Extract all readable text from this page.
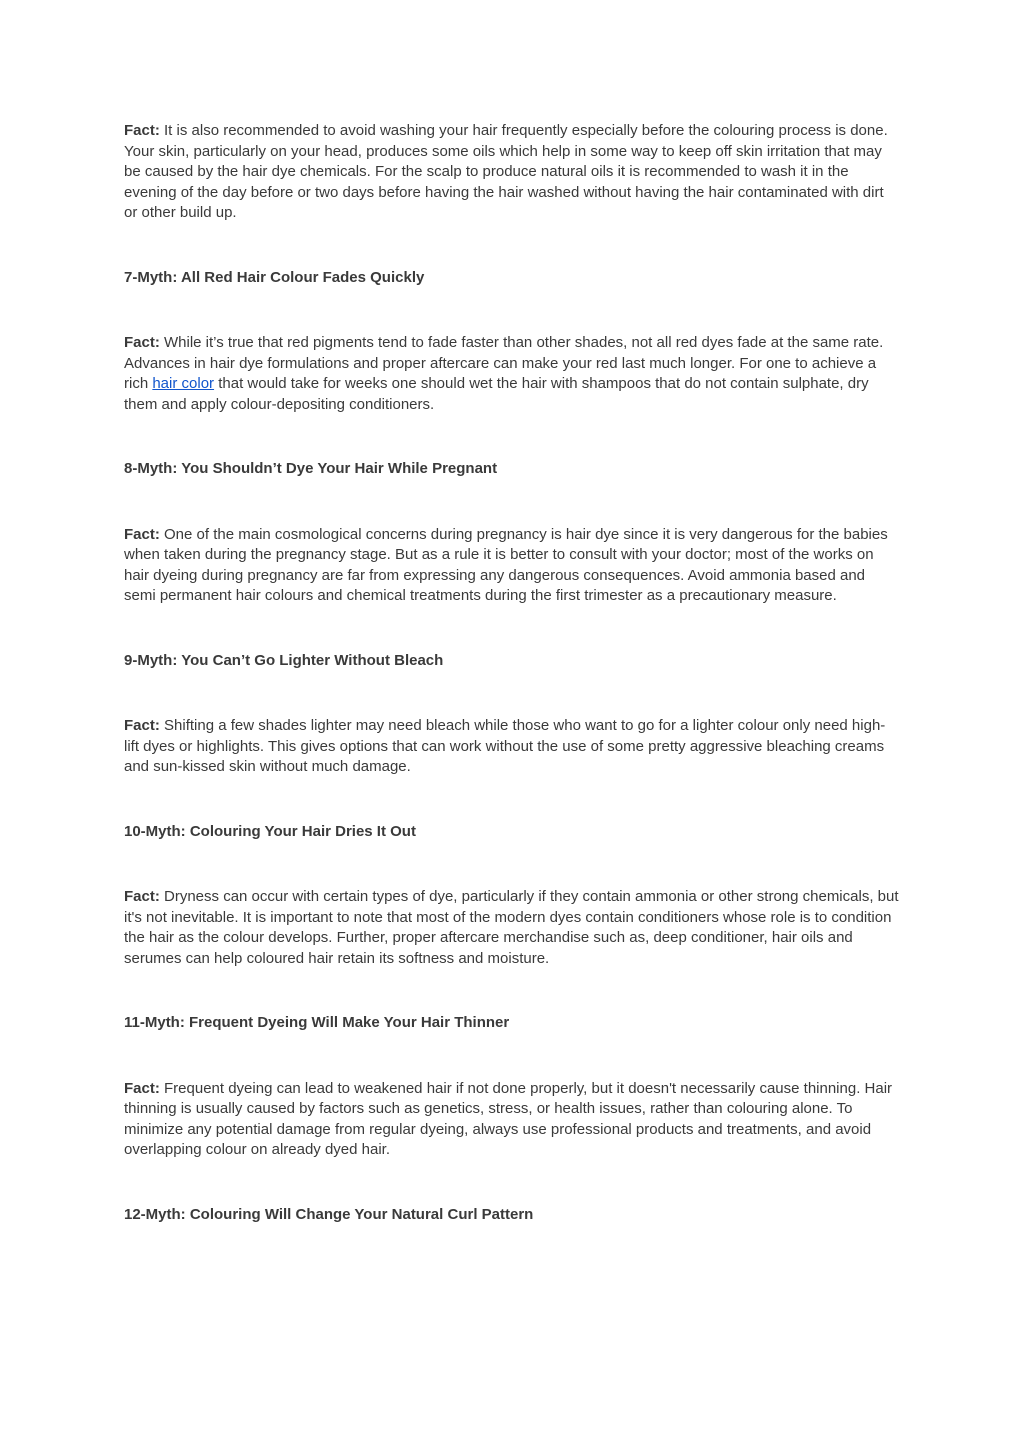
Fact: It is also recommended to avoid washing your hair frequently especially before the colouring process is done. Your skin, particularly on your head, produces some oils which help in some way to keep off skin irritation that may be caused by the hair dye chemicals. For the scalp to produce natural oils it is recommended to wash it in the evening of the day before or two days before having the hair washed without having the hair contaminated with dirt or other build up.

7-Myth: All Red Hair Colour Fades Quickly

Fact: While it’s true that red pigments tend to fade faster than other shades, not all red dyes fade at the same rate. Advances in hair dye formulations and proper aftercare can make your red last much longer. For one to achieve a rich hair color that would take for weeks one should wet the hair with shampoos that do not contain sulphate, dry them and apply colour-depositing conditioners.

8-Myth: You Shouldn’t Dye Your Hair While Pregnant

Fact: One of the main cosmological concerns during pregnancy is hair dye since it is very dangerous for the babies when taken during the pregnancy stage. But as a rule it is better to consult with your doctor; most of the works on hair dyeing during pregnancy are far from expressing any dangerous consequences. Avoid ammonia based and semi permanent hair colours and chemical treatments during the first trimester as a precautionary measure.

9-Myth: You Can’t Go Lighter Without Bleach

Fact: Shifting a few shades lighter may need bleach while those who want to go for a lighter colour only need high-lift dyes or highlights. This gives options that can work without the use of some pretty aggressive bleaching creams and sun-kissed skin without much damage.

10-Myth: Colouring Your Hair Dries It Out

Fact: Dryness can occur with certain types of dye, particularly if they contain ammonia or other strong chemicals, but it's not inevitable. It is important to note that most of the modern dyes contain conditioners whose role is to condition the hair as the colour develops. Further, proper aftercare merchandise such as, deep conditioner, hair oils and serumes can help coloured hair retain its softness and moisture.

11-Myth: Frequent Dyeing Will Make Your Hair Thinner

Fact: Frequent dyeing can lead to weakened hair if not done properly, but it doesn't necessarily cause thinning. Hair thinning is usually caused by factors such as genetics, stress, or health issues, rather than colouring alone. To minimize any potential damage from regular dyeing, always use professional products and treatments, and avoid overlapping colour on already dyed hair.

12-Myth: Colouring Will Change Your Natural Curl Pattern
